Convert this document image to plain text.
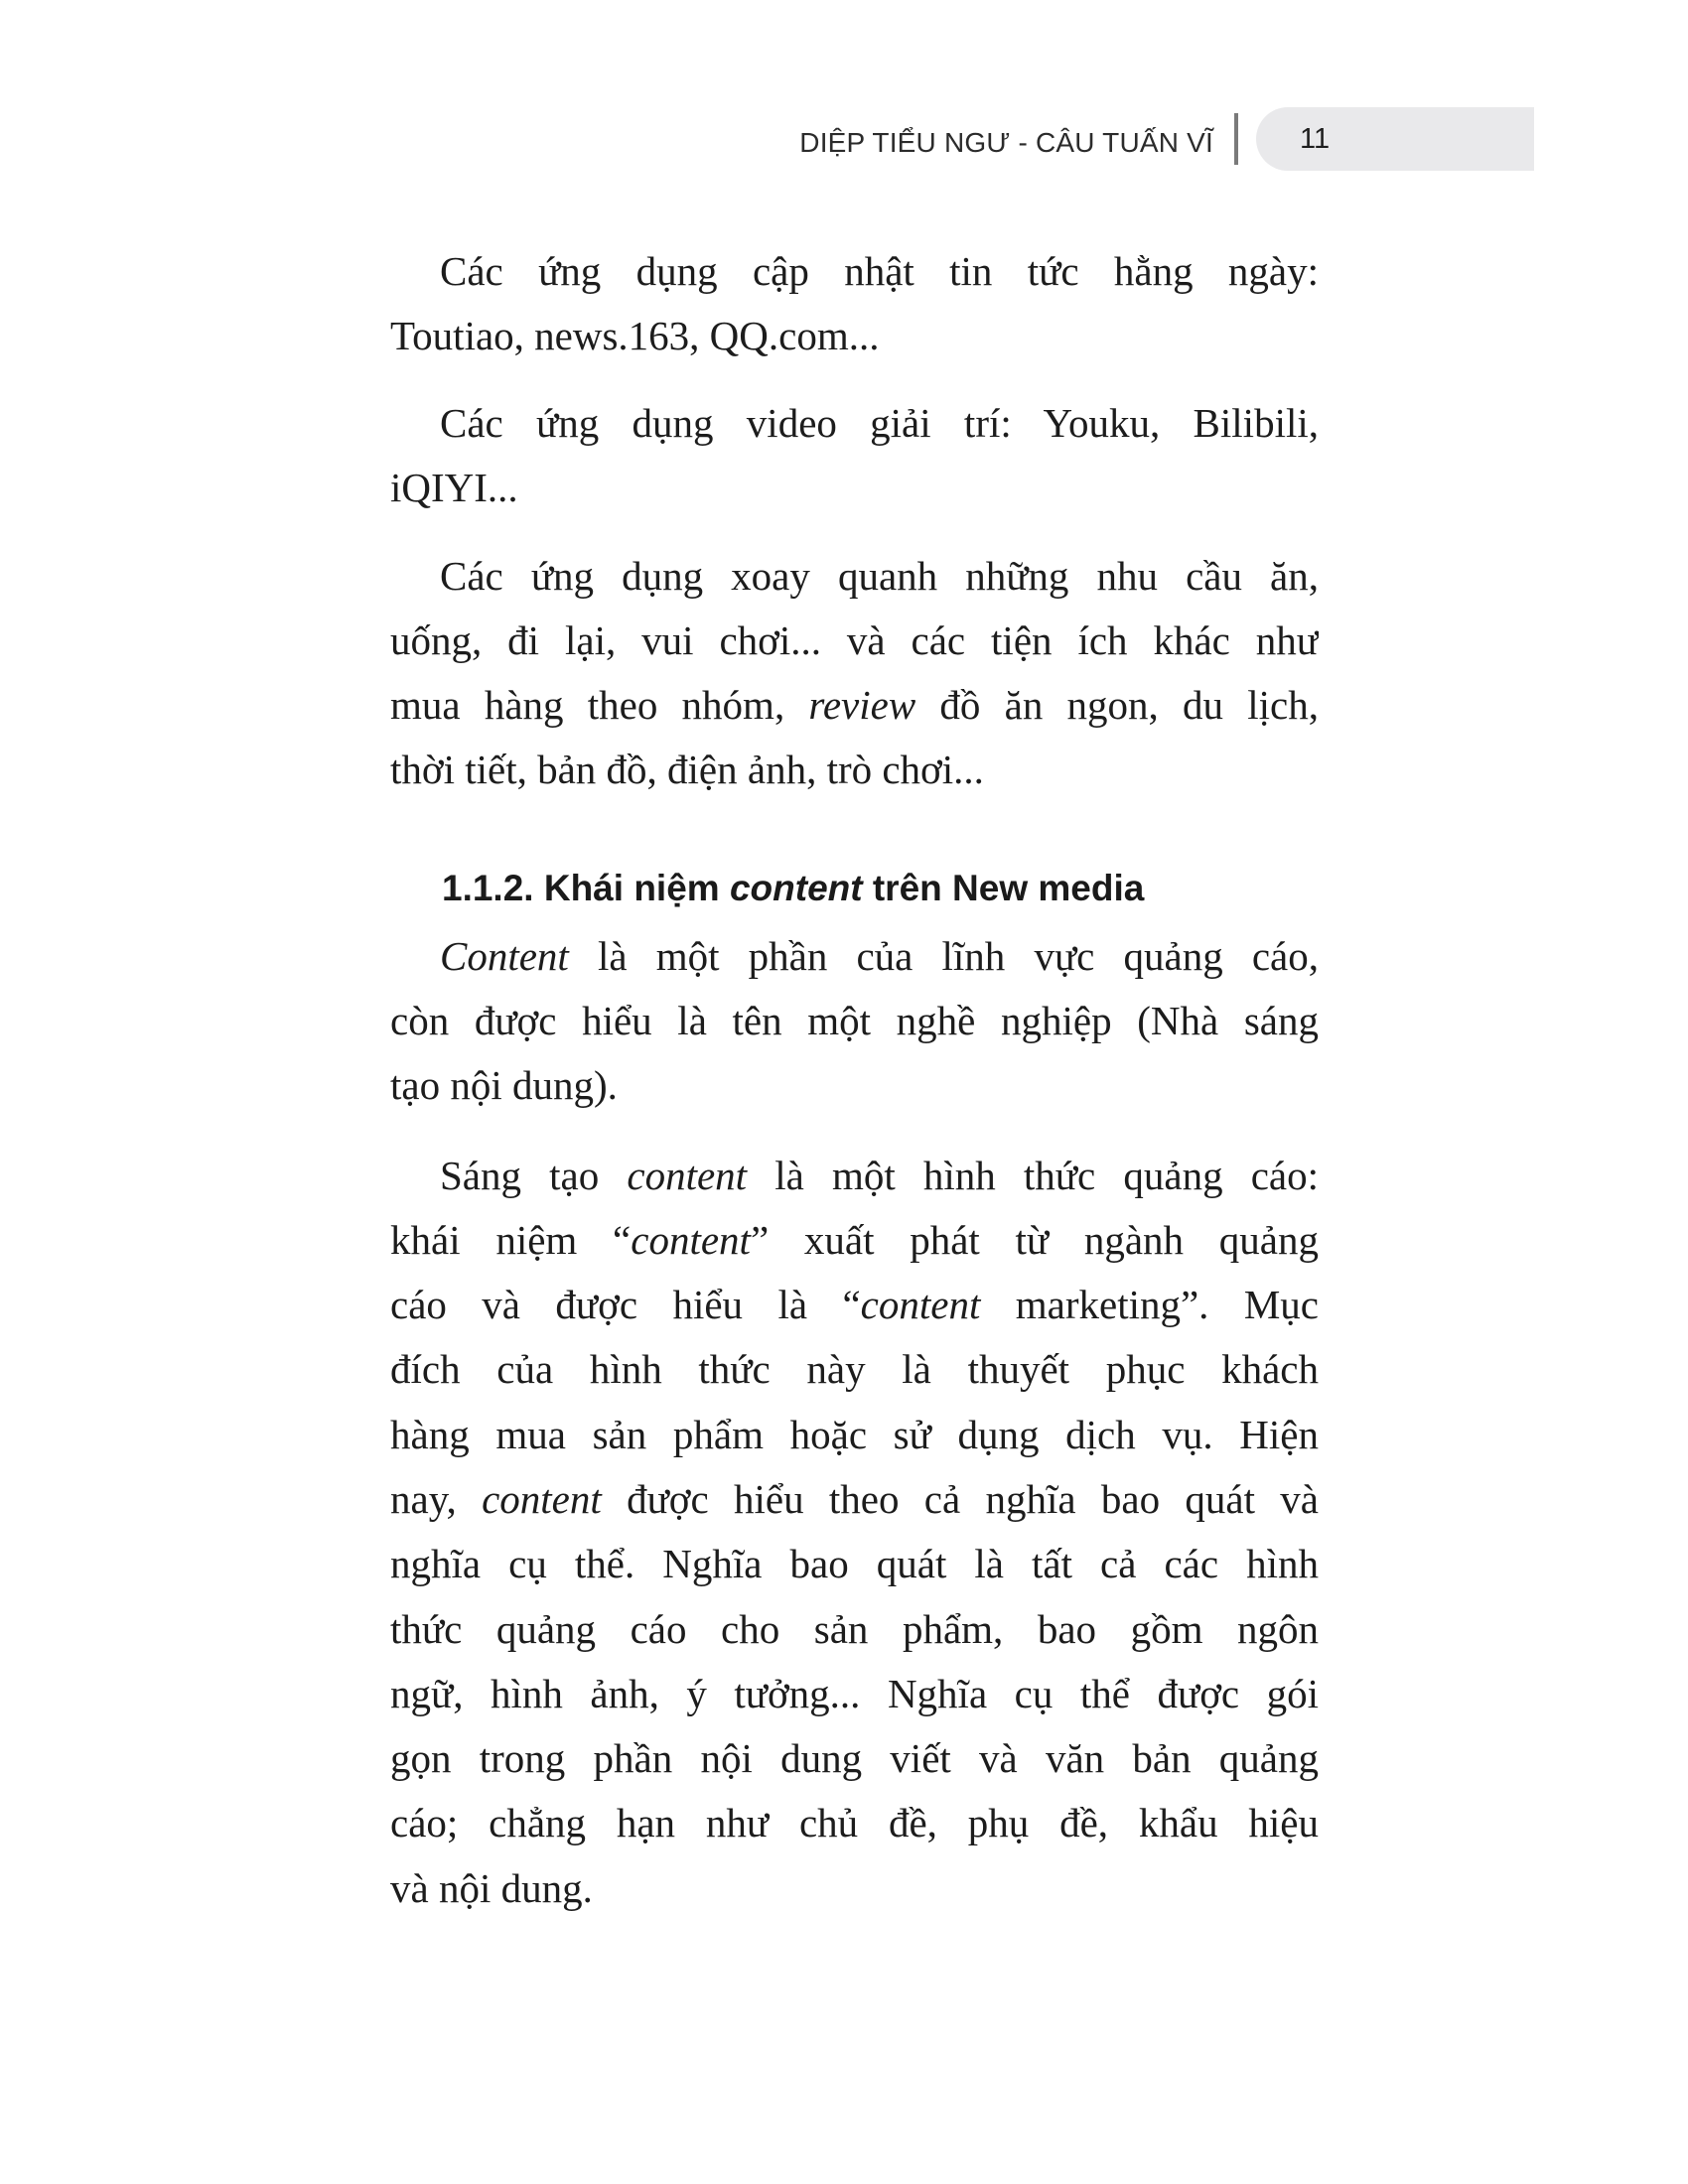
DIỆP TIỂU NGƯ - CÂU TUẤN VĨ	11
Các ứng dụng cập nhật tin tức hằng ngày:
Toutiao, news.163, QQ.com...
Các ứng dụng video giải trí: Youku, Bilibili,
iQIYI...
Các ứng dụng xoay quanh những nhu cầu ăn,
uống, đi lại, vui chơi... và các tiện ích khác như
mua hàng theo nhóm, review đồ ăn ngon, du lịch,
thời tiết, bản đồ, điện ảnh, trò chơi...
1.1.2. Khái niệm content trên New media
Content là một phần của lĩnh vực quảng cáo,
còn được hiểu là tên một nghề nghiệp (Nhà sáng
tạo nội dung).
Sáng tạo content là một hình thức quảng cáo:
khái niệm “content” xuất phát từ ngành quảng
cáo và được hiểu là “content marketing”. Mục
đích của hình thức này là thuyết phục khách
hàng mua sản phẩm hoặc sử dụng dịch vụ. Hiện
nay, content được hiểu theo cả nghĩa bao quát và
nghĩa cụ thể. Nghĩa bao quát là tất cả các hình
thức quảng cáo cho sản phẩm, bao gồm ngôn
ngữ, hình ảnh, ý tưởng... Nghĩa cụ thể được gói
gọn trong phần nội dung viết và văn bản quảng
cáo; chẳng hạn như chủ đề, phụ đề, khẩu hiệu
và nội dung.
